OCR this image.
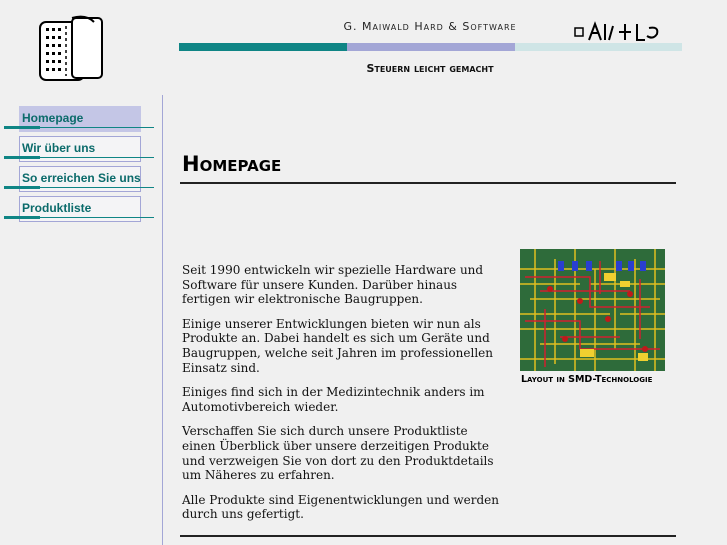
G. Maiwald Hard & Software
Steuern leicht gemacht
Homepage
Wir über uns
So erreichen Sie uns
Produktliste
Homepage

Seit 1990 entwickeln wir spezielle Hardware und Software für unsere Kunden. Darüber hinaus fertigen wir elektronische Baugruppen.

Einige unserer Entwicklungen bieten wir nun als Produkte an. Dabei handelt es sich um Geräte und Baugruppen, welche seit Jahren im professionellen Einsatz sind.

Einiges find sich in der Medizintechnik anders im Automotivbereich wieder.

Verschaffen Sie sich durch unsere Produktliste einen Überblick über unsere derzeitigen Produkte und verzweigen Sie von dort zu den Produktdetails um Näheres zu erfahren.

Alle Produkte sind Eigenentwicklungen und werden durch uns gefertigt.

Layout in SMD-Technologie
